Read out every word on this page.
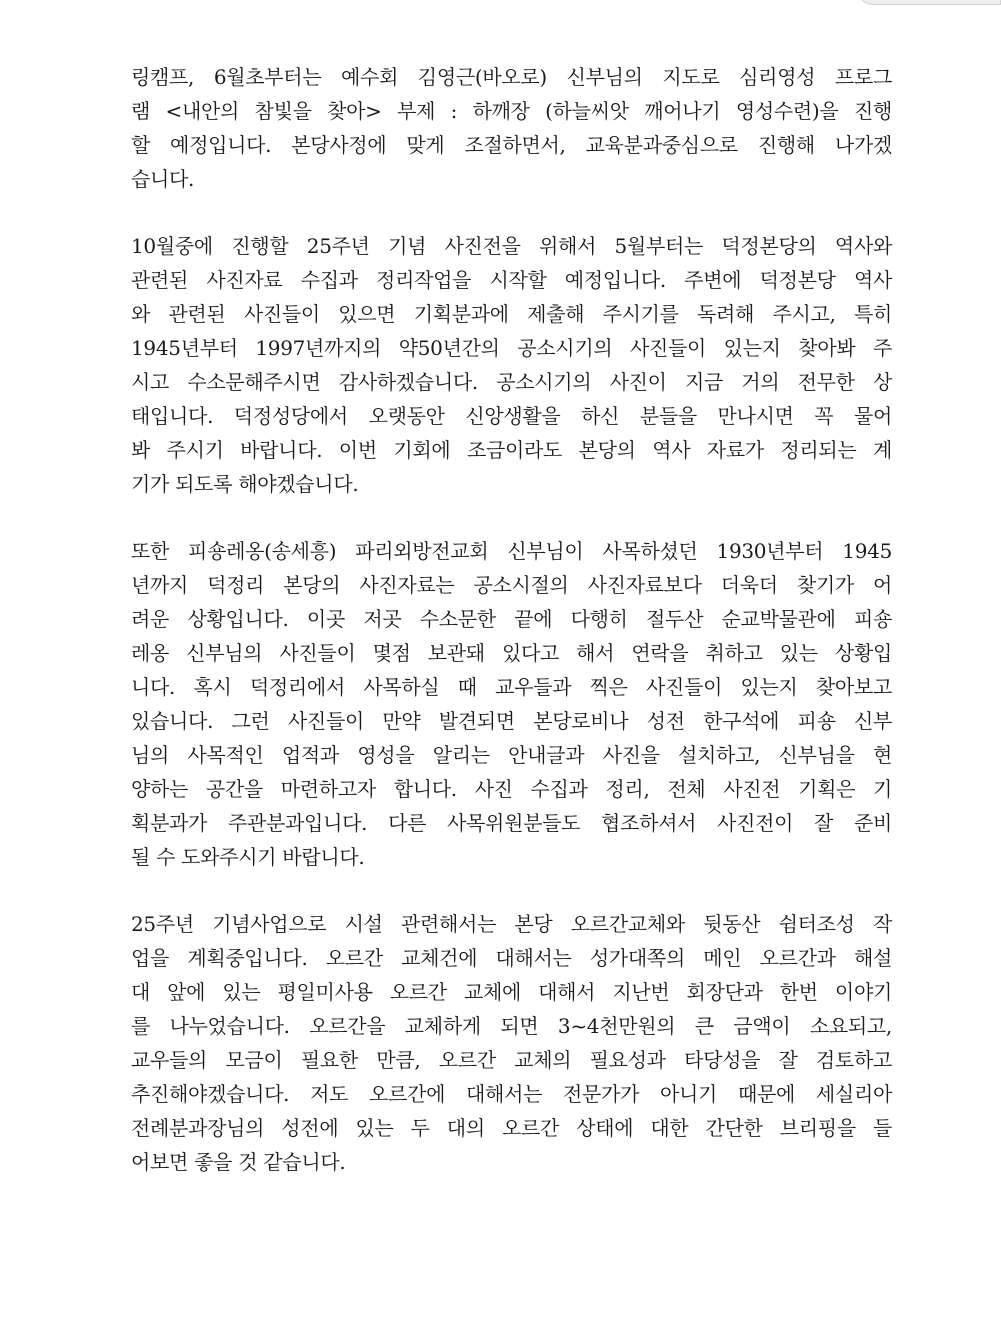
링캠프, 6월초부터는 예수회 김영근(바오로) 신부님의 지도로 심리영성 프로그
램 <내안의 참빛을 찾아> 부제 : 하깨장 (하늘씨앗 깨어나기 영성수련)을 진행
할 예정입니다. 본당사정에 맞게 조절하면서, 교육분과중심으로 진행해 나가겠
습니다.
10월중에 진행할 25주년 기념 사진전을 위해서 5월부터는 덕정본당의 역사와
관련된 사진자료 수집과 정리작업을 시작할 예정입니다. 주변에 덕정본당 역사
와 관련된 사진들이 있으면 기획분과에 제출해 주시기를 독려해 주시고, 특히
1945년부터 1997년까지의 약50년간의 공소시기의 사진들이 있는지 찾아봐 주
시고 수소문해주시면 감사하겠습니다. 공소시기의 사진이 지금 거의 전무한 상
태입니다. 덕정성당에서 오랫동안 신앙생활을 하신 분들을 만나시면 꼭 물어
봐 주시기 바랍니다. 이번 기회에 조금이라도 본당의 역사 자료가 정리되는 계
기가 되도록 해야겠습니다.
또한 피숑레옹(송세흥) 파리외방전교회 신부님이 사목하셨던 1930년부터 1945
년까지 덕정리 본당의 사진자료는 공소시절의 사진자료보다 더욱더 찾기가 어
려운 상황입니다. 이곳 저곳 수소문한 끝에 다행히 절두산 순교박물관에 피숑
레옹 신부님의 사진들이 몇점 보관돼 있다고 해서 연락을 취하고 있는 상황입
니다. 혹시 덕정리에서 사목하실 때 교우들과 찍은 사진들이 있는지 찾아보고
있습니다. 그런 사진들이 만약 발견되면 본당로비나 성전 한구석에 피숑 신부
님의 사목적인 업적과 영성을 알리는 안내글과 사진을 설치하고, 신부님을 현
양하는 공간을 마련하고자 합니다. 사진 수집과 정리, 전체 사진전 기획은 기
획분과가 주관분과입니다. 다른 사목위원분들도 협조하셔서 사진전이 잘 준비
될 수 도와주시기 바랍니다.
25주년 기념사업으로 시설 관련해서는 본당 오르간교체와 뒷동산 쉼터조성 작
업을 계획중입니다. 오르간 교체건에 대해서는 성가대쪽의 메인 오르간과 해설
대 앞에 있는 평일미사용 오르간 교체에 대해서 지난번 회장단과 한번 이야기
를 나누었습니다. 오르간을 교체하게 되면 3~4천만원의 큰 금액이 소요되고,
교우들의 모금이 필요한 만큼, 오르간 교체의 필요성과 타당성을 잘 검토하고
추진해야겠습니다. 저도 오르간에 대해서는 전문가가 아니기 때문에 세실리아
전례분과장님의 성전에 있는 두 대의 오르간 상태에 대한 간단한 브리핑을 들
어보면 좋을 것 같습니다.
